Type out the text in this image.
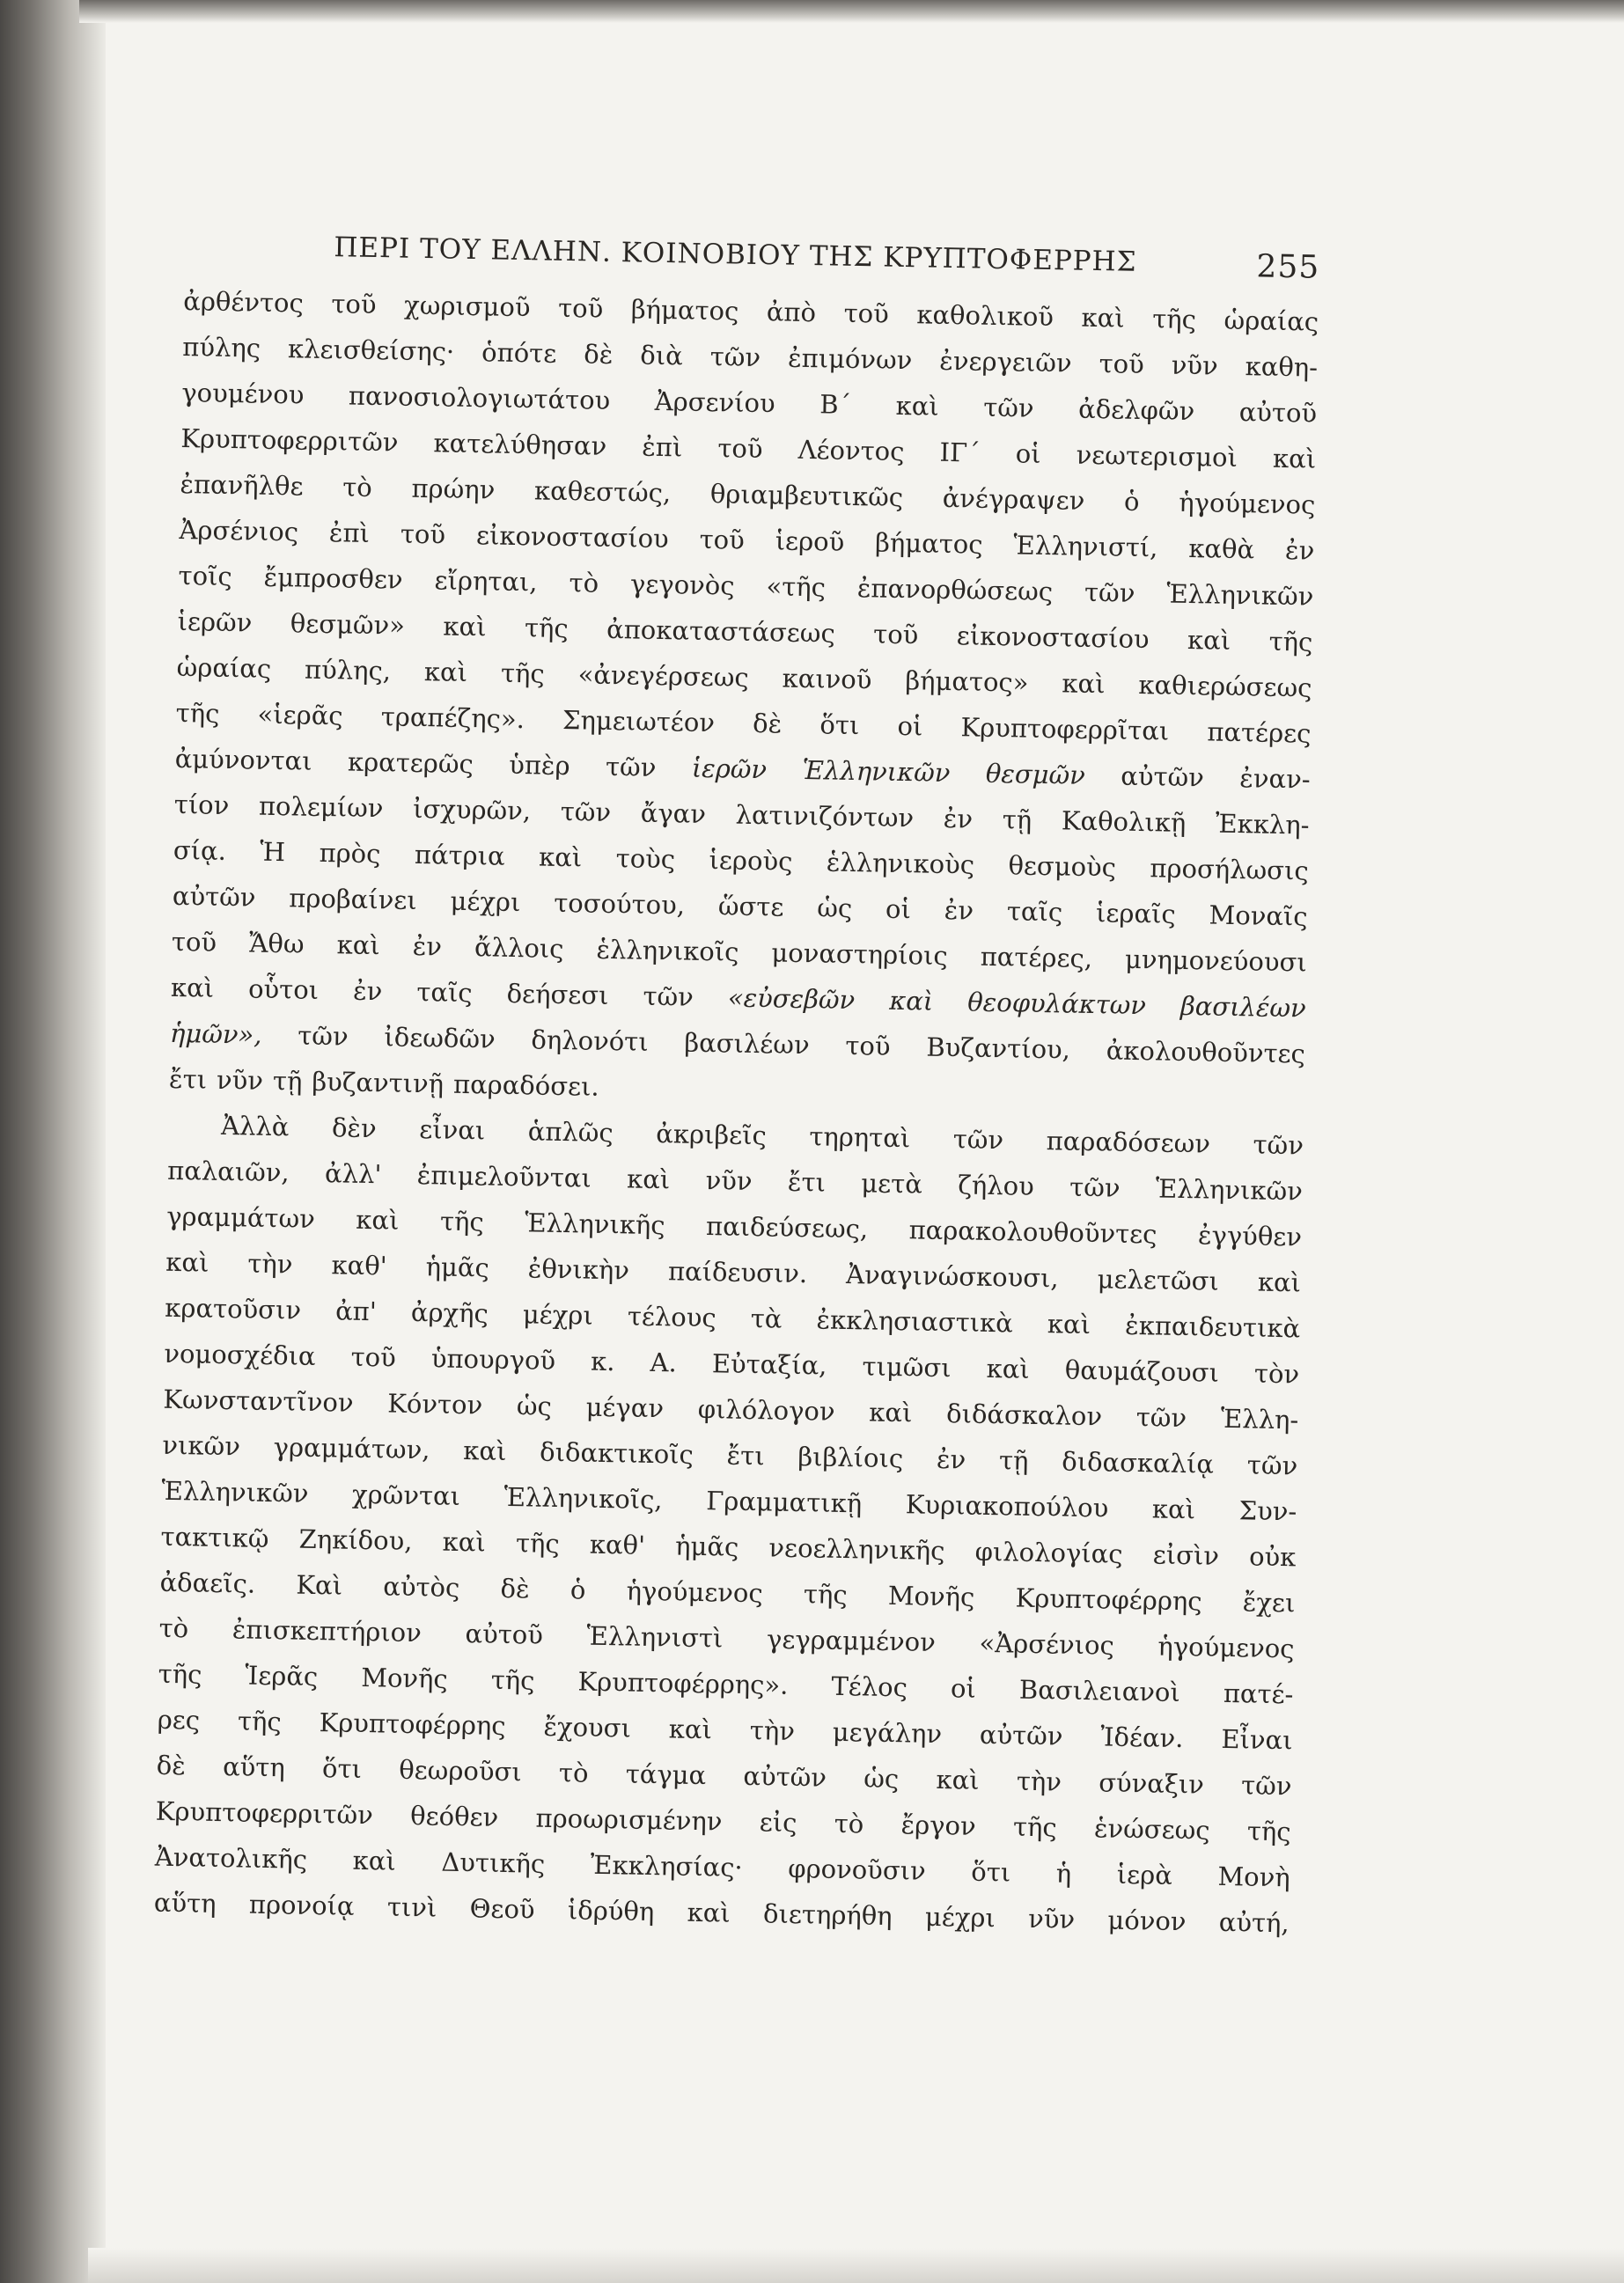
ΠΕΡΙ ΤΟΥ ΕΛΛΗΝ. ΚΟΙΝΟΒΙΟΥ ΤΗΣ ΚΡΥΠΤΟΦΕΡΡΗΣ	255
ἀρθέντος τοῦ χωρισμοῦ τοῦ βήματος ἀπὸ τοῦ καθολικοῦ καὶ τῆς ὡραίας
πύλης κλεισθείσης· ὁπότε δὲ διὰ τῶν ἐπιμόνων ἐνεργειῶν τοῦ νῦν καθη-
γουμένου πανοσιολογιωτάτου Ἀρσενίου Β´ καὶ τῶν ἀδελφῶν αὐτοῦ
Κρυπτοφερριτῶν κατελύθησαν ἐπὶ τοῦ Λέοντος ΙΓ´ οἱ νεωτερισμοὶ καὶ
ἐπανῆλθε τὸ πρώην καθεστώς, θριαμβευτικῶς ἀνέγραψεν ὁ ἡγούμενος
Ἀρσένιος ἐπὶ τοῦ εἰκονοστασίου τοῦ ἱεροῦ βήματος Ἑλληνιστί, καθὰ ἐν
τοῖς ἔμπροσθεν εἴρηται, τὸ γεγονὸς «τῆς ἐπανορθώσεως τῶν Ἑλληνικῶν
ἱερῶν θεσμῶν» καὶ τῆς ἀποκαταστάσεως τοῦ εἰκονοστασίου καὶ τῆς
ὡραίας πύλης, καὶ τῆς «ἀνεγέρσεως καινοῦ βήματος» καὶ καθιερώσεως
τῆς «ἱερᾶς τραπέζης». Σημειωτέον δὲ ὅτι οἱ Κρυπτοφερρῖται πατέρες
ἀμύνονται κρατερῶς ὑπὲρ τῶν ἱερῶν Ἑλληνικῶν θεσμῶν αὐτῶν ἐναν-
τίον πολεμίων ἰσχυρῶν, τῶν ἄγαν λατινιζόντων ἐν τῇ Καθολικῇ Ἐκκλη-
σίᾳ. Ἡ πρὸς πάτρια καὶ τοὺς ἱεροὺς ἑλληνικοὺς θεσμοὺς προσήλωσις
αὐτῶν προβαίνει μέχρι τοσούτου, ὥστε ὡς οἱ ἐν ταῖς ἱεραῖς Μοναῖς
τοῦ Ἄθω καὶ ἐν ἄλλοις ἑλληνικοῖς μοναστηρίοις πατέρες, μνημονεύουσι
καὶ οὗτοι ἐν ταῖς δεήσεσι τῶν «εὐσεβῶν καὶ θεοφυλάκτων βασιλέων
ἡμῶν», τῶν ἰδεωδῶν δηλονότι βασιλέων τοῦ Βυζαντίου, ἀκολουθοῦντες
ἔτι νῦν τῇ βυζαντινῇ παραδόσει.
Ἀλλὰ δὲν εἶναι ἁπλῶς ἀκριβεῖς τηρηταὶ τῶν παραδόσεων τῶν
παλαιῶν, ἀλλ' ἐπιμελοῦνται καὶ νῦν ἔτι μετὰ ζήλου τῶν Ἑλληνικῶν
γραμμάτων καὶ τῆς Ἑλληνικῆς παιδεύσεως, παρακολουθοῦντες ἐγγύθεν
καὶ τὴν καθ' ἡμᾶς ἐθνικὴν παίδευσιν. Ἀναγινώσκουσι, μελετῶσι καὶ
κρατοῦσιν ἀπ' ἀρχῆς μέχρι τέλους τὰ ἐκκλησιαστικὰ καὶ ἐκπαιδευτικὰ
νομοσχέδια τοῦ ὑπουργοῦ κ. Α. Εὐταξία, τιμῶσι καὶ θαυμάζουσι τὸν
Κωνσταντῖνον Κόντον ὡς μέγαν φιλόλογον καὶ διδάσκαλον τῶν Ἑλλη-
νικῶν γραμμάτων, καὶ διδακτικοῖς ἔτι βιβλίοις ἐν τῇ διδασκαλίᾳ τῶν
Ἑλληνικῶν χρῶνται Ἑλληνικοῖς, Γραμματικῇ Κυριακοπούλου καὶ Συν-
τακτικῷ Ζηκίδου, καὶ τῆς καθ' ἡμᾶς νεοελληνικῆς φιλολογίας εἰσὶν οὐκ
ἀδαεῖς. Καὶ αὐτὸς δὲ ὁ ἡγούμενος τῆς Μονῆς Κρυπτοφέρρης ἔχει
τὸ ἐπισκεπτήριον αὐτοῦ Ἑλληνιστὶ γεγραμμένον «Ἀρσένιος ἡγούμενος
τῆς Ἱερᾶς Μονῆς τῆς Κρυπτοφέρρης». Τέλος οἱ Βασιλειανοὶ πατέ-
ρες τῆς Κρυπτοφέρρης ἔχουσι καὶ τὴν μεγάλην αὐτῶν Ἰδέαν. Εἶναι
δὲ αὕτη ὅτι θεωροῦσι τὸ τάγμα αὐτῶν ὡς καὶ τὴν σύναξιν τῶν
Κρυπτοφερριτῶν θεόθεν προωρισμένην εἰς τὸ ἔργον τῆς ἑνώσεως τῆς
Ἀνατολικῆς καὶ Δυτικῆς Ἐκκλησίας· φρονοῦσιν ὅτι ἡ ἱερὰ Μονὴ
αὕτη προνοίᾳ τινὶ Θεοῦ ἱδρύθη καὶ διετηρήθη μέχρι νῦν μόνον αὐτή,
